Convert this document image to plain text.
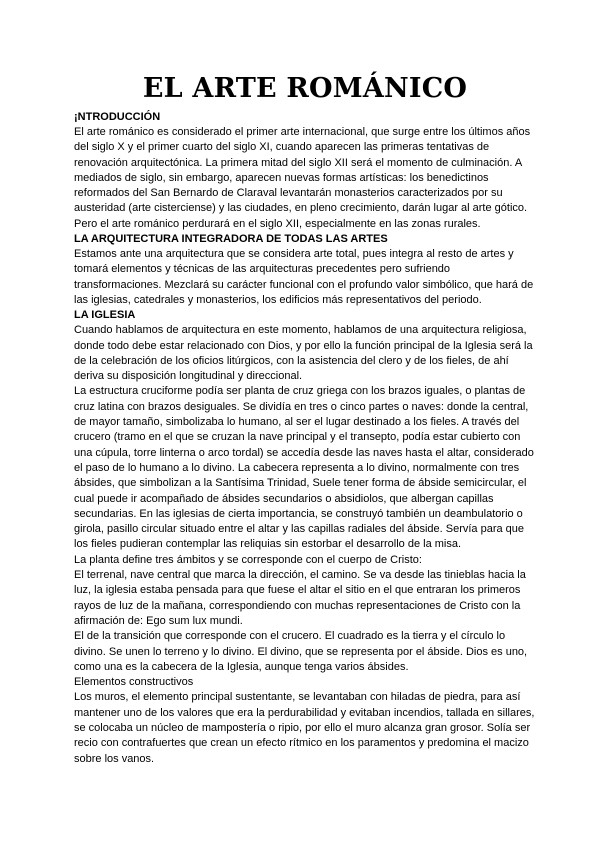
EL ARTE ROMÁNICO
¡NTRODUCCIÓN

El arte románico es considerado el primer arte internacional, que surge entre los últimos años del siglo X y el primer cuarto del siglo XI, cuando aparecen las primeras tentativas de renovación arquitectónica. La primera mitad del siglo XII será el momento de culminación. A mediados de siglo, sin embargo, aparecen nuevas formas artísticas: los benedictinos reformados del San Bernardo de Claraval levantarán monasterios caracterizados por su austeridad (arte cisterciense) y las ciudades, en pleno crecimiento, darán lugar al arte gótico. Pero el arte románico perdurará en el siglo XII, especialmente en las zonas rurales.

LA ARQUITECTURA INTEGRADORA DE TODAS LAS ARTES

Estamos ante una arquitectura que se considera arte total, pues integra al resto de artes y tomará elementos y técnicas de las arquitecturas precedentes pero sufriendo transformaciones. Mezclará su carácter funcional con el profundo valor simbólico, que hará de las iglesias, catedrales y monasterios, los edificios más representativos del periodo.

LA IGLESIA

Cuando hablamos de arquitectura en este momento, hablamos de una arquitectura religiosa, donde todo debe estar relacionado con Dios, y por ello la función principal de la Iglesia será la de la celebración de los oficios litúrgicos, con la asistencia del clero y de los fieles, de ahí deriva su disposición longitudinal y direccional.

La estructura cruciforme podía ser planta de cruz griega con los brazos iguales, o plantas de cruz latina con brazos desiguales. Se dividía en tres o cinco partes o naves: donde la central, de mayor tamaño, simbolizaba lo humano, al ser el lugar destinado a los fieles. A través del crucero (tramo en el que se cruzan la nave principal y el transepto, podía estar cubierto con una cúpula, torre linterna o arco tordal) se accedía desde las naves hasta el altar, considerado el paso de lo humano a lo divino. La cabecera representa a lo divino, normalmente con tres ábsides, que simbolizan a la Santísima Trinidad, Suele tener forma de ábside semicircular, el cual puede ir acompañado de ábsides secundarios o absidiolos, que albergan capillas secundarias. En las iglesias de cierta importancia, se construyó también un deambulatorio o girola, pasillo circular situado entre el altar y las capillas radiales del ábside. Servía para que los fieles pudieran contemplar las reliquias sin estorbar el desarrollo de la misa.

La planta define tres ámbitos y se corresponde con el cuerpo de Cristo:

El terrenal, nave central que marca la dirección, el camino. Se va desde las tinieblas hacia la luz, la iglesia estaba pensada para que fuese el altar el sitio en el que entraran los primeros rayos de luz de la mañana, correspondiendo con muchas representaciones de Cristo con la afirmación de: Ego sum lux mundi.

El de la transición que corresponde con el crucero. El cuadrado es la tierra y el círculo lo divino. Se unen lo terreno y lo divino. El divino, que se representa por el ábside. Dios es uno, como una es la cabecera de la Iglesia, aunque tenga varios ábsides.

Elementos constructivos

Los muros, el elemento principal sustentante, se levantaban con hiladas de piedra, para así mantener uno de los valores que era la perdurabilidad y evitaban incendios, tallada en sillares, se colocaba un núcleo de mampostería o ripio, por ello el muro alcanza gran grosor. Solía ser recio con contrafuertes que crean un efecto rítmico en los paramentos y predomina el macizo sobre los vanos.
